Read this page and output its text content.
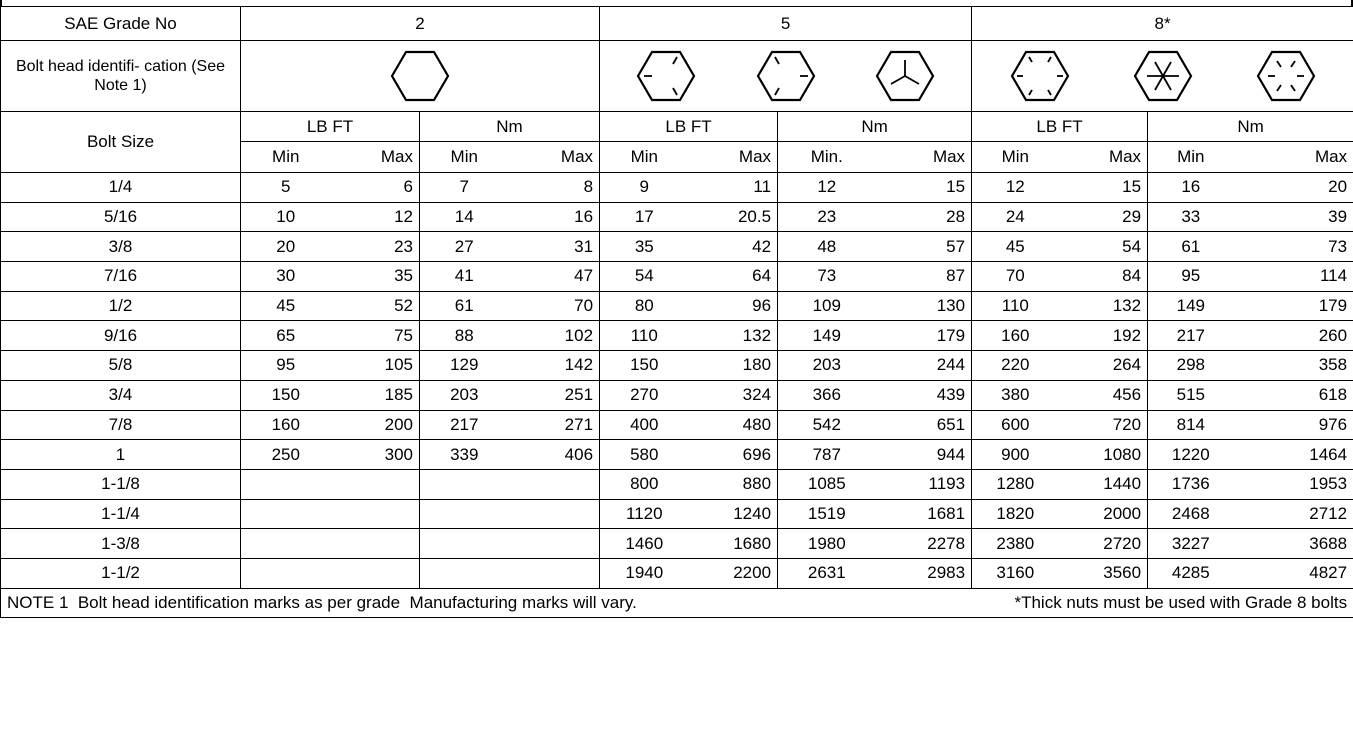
SAE Grade No	2				5				8*			
Bolt head identifi- cation (See Note 1)	

Bolt Size	LB FT		Nm		LB FT		Nm		LB FT		Nm	
	Min	Max	Min	Max	Min	Max	Min.	Max	Min	Max	Min	Max
1/4	5	6	7	8	9	11	12	15	12	15	16	20
5/16	10	12	14	16	17	20.5	23	28	24	29	33	39
3/8	20	23	27	31	35	42	48	57	45	54	61	73
7/16	30	35	41	47	54	64	73	87	70	84	95	114
1/2	45	52	61	70	80	96	109	130	110	132	149	179
9/16	65	75	88	102	110	132	149	179	160	192	217	260
5/8	95	105	129	142	150	180	203	244	220	264	298	358
3/4	150	185	203	251	270	324	366	439	380	456	515	618
7/8	160	200	217	271	400	480	542	651	600	720	814	976
1	250	300	339	406	580	696	787	944	900	1080	1220	1464
1-1/8					800	880	1085	1193	1280	1440	1736	1953
1-1/4					1120	1240	1519	1681	1820	2000	2468	2712
1-3/8					1460	1680	1980	2278	2380	2720	3227	3688
1-1/2					1940	2200	2631	2983	3160	3560	4285	4827

NOTE 1  Bolt head identification marks as per grade  Manufacturing marks will vary. *Thick nuts must be used with Grade 8 bolts												
